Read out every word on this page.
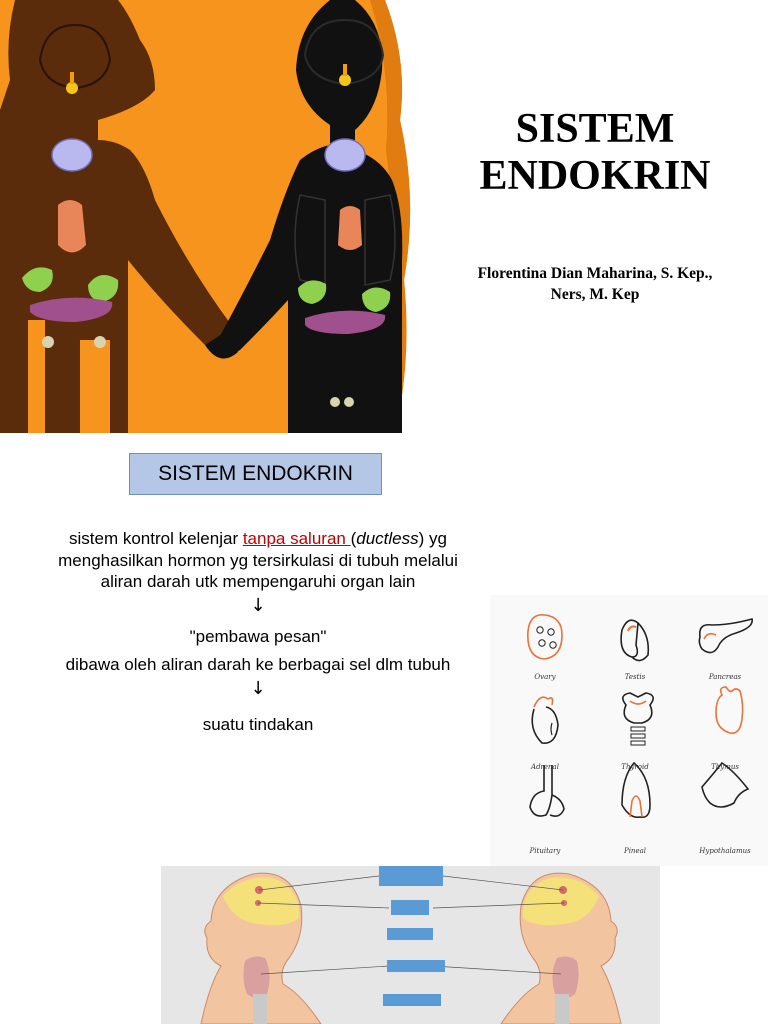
SISTEM
ENDOKRIN
Florentina Dian Maharina, S. Kep.,
Ners, M. Kep
SISTEM ENDOKRIN

sistem kontrol kelenjar tanpa saluran (ductless) yg menghasilkan hormon yg tersirkulasi di tubuh melalui aliran darah utk mempengaruhi organ lain

↓

"pembawa pesan"

dibawa oleh aliran darah ke berbagai sel dlm tubuh

↓

suatu tindakan

Ovary	Testis	Pancreas
Adrenal	Thyroid	Thymus
Pituitary	Pineal	Hypothalamus
